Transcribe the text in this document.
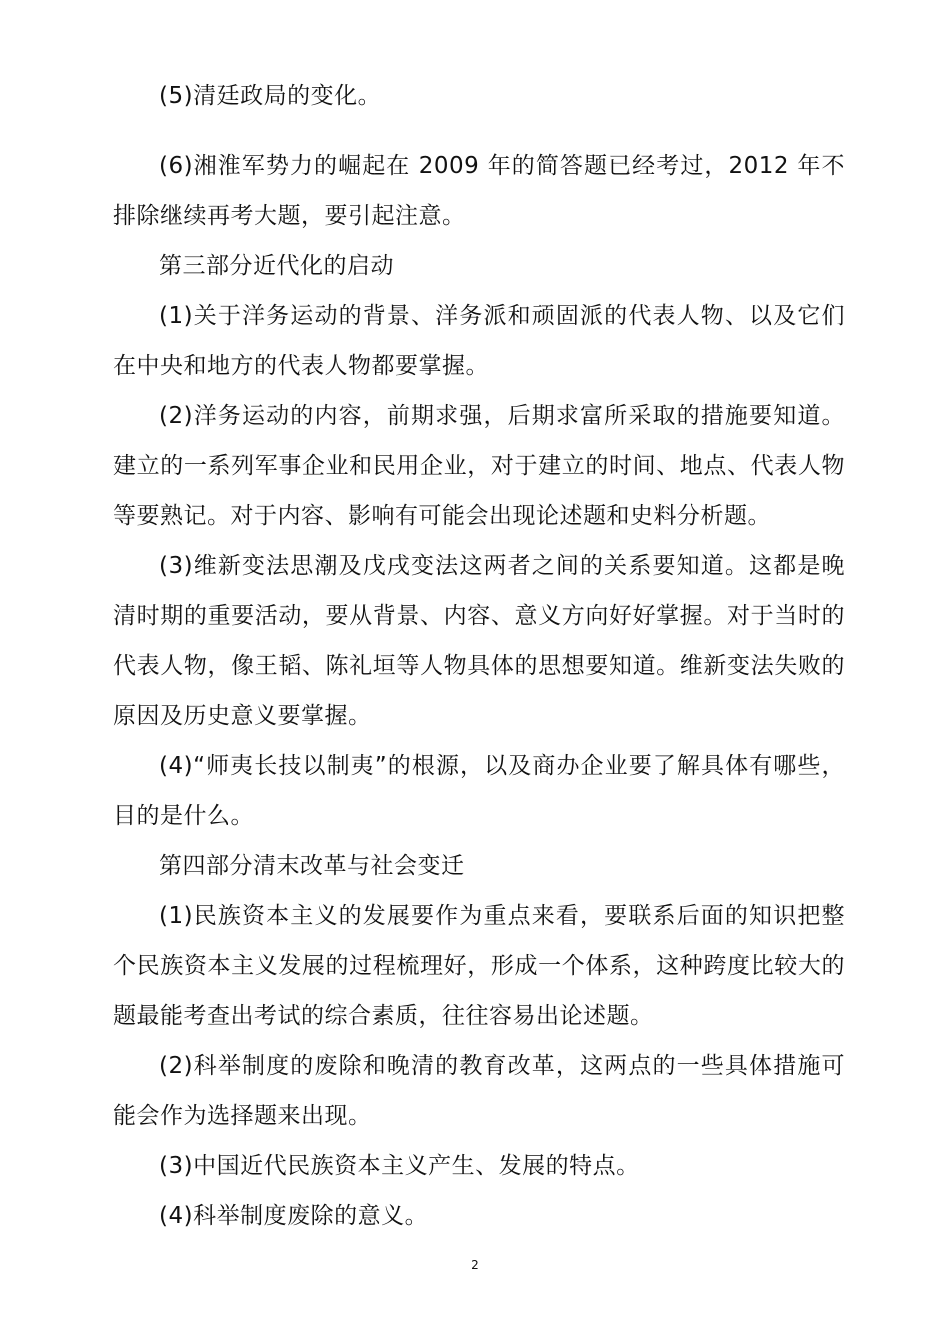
(5)清廷政局的变化。

(6)湘淮军势力的崛起在 2009 年的简答题已经考过，2012 年不排除继续再考大题，要引起注意。

第三部分近代化的启动

(1)关于洋务运动的背景、洋务派和顽固派的代表人物、以及它们在中央和地方的代表人物都要掌握。

(2)洋务运动的内容，前期求强，后期求富所采取的措施要知道。建立的一系列军事企业和民用企业，对于建立的时间、地点、代表人物等要熟记。对于内容、影响有可能会出现论述题和史料分析题。

(3)维新变法思潮及戊戌变法这两者之间的关系要知道。这都是晚清时期的重要活动，要从背景、内容、意义方向好好掌握。对于当时的代表人物，像王韬、陈礼垣等人物具体的思想要知道。维新变法失败的原因及历史意义要掌握。

(4)“师夷长技以制夷”的根源，以及商办企业要了解具体有哪些，目的是什么。

第四部分清末改革与社会变迁

(1)民族资本主义的发展要作为重点来看，要联系后面的知识把整个民族资本主义发展的过程梳理好，形成一个体系，这种跨度比较大的题最能考查出考试的综合素质，往往容易出论述题。

(2)科举制度的废除和晚清的教育改革，这两点的一些具体措施可能会作为选择题来出现。

(3)中国近代民族资本主义产生、发展的特点。

(4)科举制度废除的意义。

2
